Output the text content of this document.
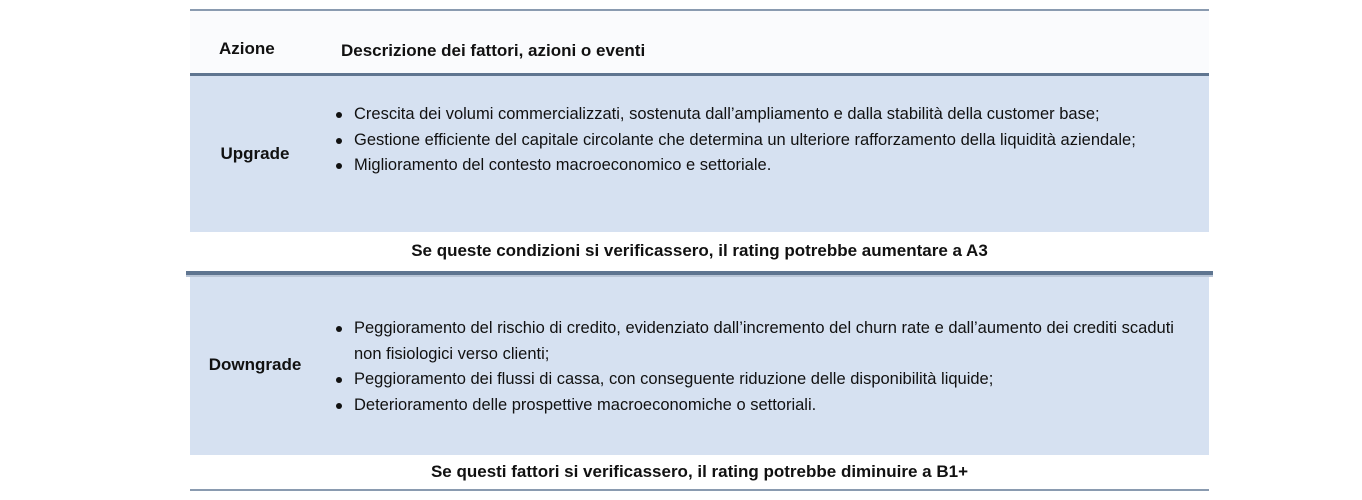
Azione	Descrizione dei fattori, azioni o eventi
Upgrade
Crescita dei volumi commercializzati, sostenuta dall’ampliamento e dalla stabilità della customer base;
Gestione efficiente del capitale circolante che determina un ulteriore rafforzamento della liquidità aziendale;
Miglioramento del contesto macroeconomico e settoriale.
Se queste condizioni si verificassero, il rating potrebbe aumentare a A3
Downgrade
Peggioramento del rischio di credito, evidenziato dall’incremento del churn rate e dall’aumento dei crediti scaduti non fisiologici verso clienti;
Peggioramento dei flussi di cassa, con conseguente riduzione delle disponibilità liquide;
Deterioramento delle prospettive macroeconomiche o settoriali.
Se questi fattori si verificassero, il rating potrebbe diminuire a B1+
